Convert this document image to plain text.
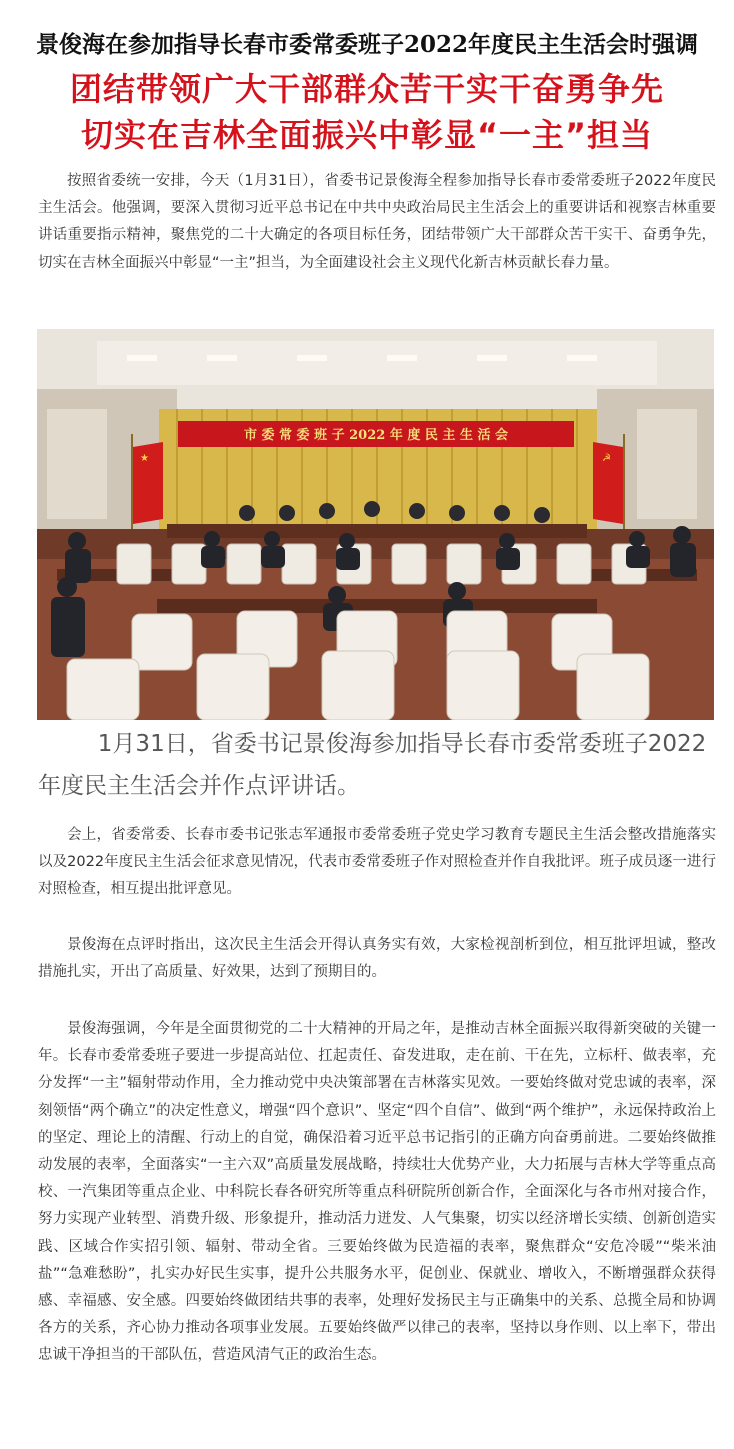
景俊海在参加指导长春市委常委班子2022年度民主生活会时强调
团结带领广大干部群众苦干实干奋勇争先
切实在吉林全面振兴中彰显“一主”担当

按照省委统一安排，今天（1月31日），省委书记景俊海全程参加指导长春市委常委班子2022年度民主生活会。他强调，要深入贯彻习近平总书记在中共中央政治局民主生活会上的重要讲话和视察吉林重要讲话重要指示精神，聚焦党的二十大确定的各项目标任务，团结带领广大干部群众苦干实干、奋勇争先，切实在吉林全面振兴中彰显“一主”担当，为全面建设社会主义现代化新吉林贡献长春力量。

★	☭
市 委 常 委 班 子 2022 年 度 民 主 生 活 会

1月31日，省委书记景俊海参加指导长春市委常委班子2022年度民主生活会并作点评讲话。

会上，省委常委、长春市委书记张志军通报市委常委班子党史学习教育专题民主生活会整改措施落实以及2022年度民主生活会征求意见情况，代表市委常委班子作对照检查并作自我批评。班子成员逐一进行对照检查，相互提出批评意见。

景俊海在点评时指出，这次民主生活会开得认真务实有效，大家检视剖析到位，相互批评坦诚，整改措施扎实，开出了高质量、好效果，达到了预期目的。

景俊海强调，今年是全面贯彻党的二十大精神的开局之年，是推动吉林全面振兴取得新突破的关键一年。长春市委常委班子要进一步提高站位、扛起责任、奋发进取，走在前、干在先，立标杆、做表率，充分发挥“一主”辐射带动作用，全力推动党中央决策部署在吉林落实见效。一要始终做对党忠诚的表率，深刻领悟“两个确立”的决定性意义，增强“四个意识”、坚定“四个自信”、做到“两个维护”，永远保持政治上的坚定、理论上的清醒、行动上的自觉，确保沿着习近平总书记指引的正确方向奋勇前进。二要始终做推动发展的表率，全面落实“一主六双”高质量发展战略，持续壮大优势产业，大力拓展与吉林大学等重点高校、一汽集团等重点企业、中科院长春各研究所等重点科研院所创新合作，全面深化与各市州对接合作，努力实现产业转型、消费升级、形象提升，推动活力迸发、人气集聚，切实以经济增长实绩、创新创造实践、区域合作实招引领、辐射、带动全省。三要始终做为民造福的表率，聚焦群众“安危冷暖”“柴米油盐”“急难愁盼”，扎实办好民生实事，提升公共服务水平，促创业、保就业、增收入，不断增强群众获得感、幸福感、安全感。四要始终做团结共事的表率，处理好发扬民主与正确集中的关系、总揽全局和协调各方的关系，齐心协力推动各项事业发展。五要始终做严以律己的表率，坚持以身作则、以上率下，带出忠诚干净担当的干部队伍，营造风清气正的政治生态。
